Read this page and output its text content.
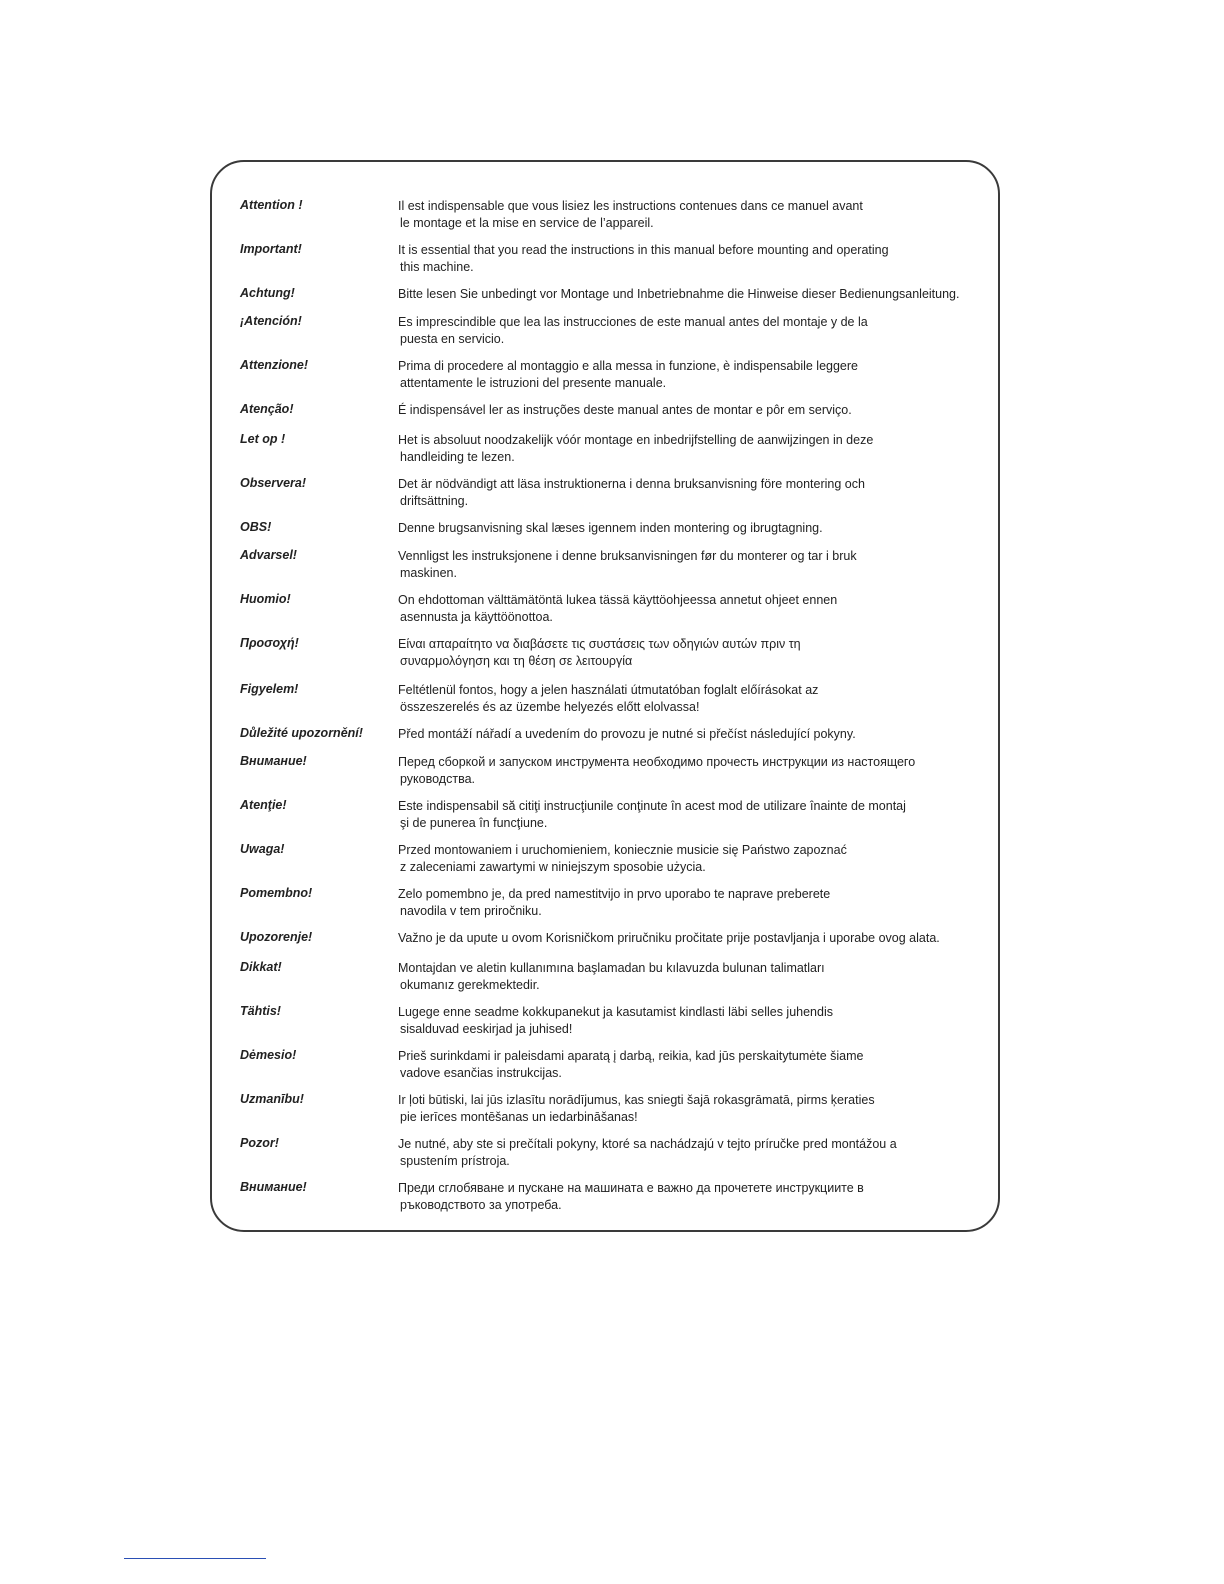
Attention !	Il est indispensable que vous lisiez les instructions contenues dans ce manuel avant
le montage et la mise en service de l’appareil.
Important!	It is essential that you read the instructions in this manual before mounting and operating
this machine.
Achtung!	Bitte lesen Sie unbedingt vor Montage und Inbetriebnahme die Hinweise dieser Bedienungsanleitung.
¡Atención!	Es imprescindible que lea las instrucciones de este manual antes del montaje y de la
puesta en servicio.
Attenzione!	Prima di procedere al montaggio e alla messa in funzione, è indispensabile leggere
attentamente le istruzioni del presente manuale.
Atenção!	É indispensável ler as instruções deste manual antes de montar e pôr em serviço.
Let op !	Het is absoluut noodzakelijk vóór montage en inbedrijfstelling de aanwijzingen in deze
handleiding te lezen.
Observera!	Det är nödvändigt att läsa instruktionerna i denna bruksanvisning före montering och
driftsättning.
OBS!	Denne brugsanvisning skal læses igennem inden montering og ibrugtagning.
Advarsel!	Vennligst les instruksjonene i denne bruksanvisningen før du monterer og tar i bruk
maskinen.
Huomio!	On ehdottoman välttämätöntä lukea tässä käyttöohjeessa annetut ohjeet ennen
asennusta ja käyttöönottoa.
Προσοχή!	Είναι απαραίτητο να διαβάσετε τις συστάσεις των οδηγιών αυτών πριν τη
συναρμολόγηση και τη θέση σε λειτουργία
Figyelem!	Feltétlenül fontos, hogy a jelen használati útmutatóban foglalt előírásokat az
összeszerelés és az üzembe helyezés előtt elolvassa!
Důležité upozornění!	Před montáží nářadí a uvedením do provozu je nutné si přečíst následující pokyny.
Внимание!	Перед сборкой и запуском инструмента необходимо прочесть инструкции из настоящего
руководства.
Atenţie!	Este indispensabil să citiţi instrucţiunile conţinute în acest mod de utilizare înainte de montaj
şi de punerea în funcţiune.
Uwaga!	Przed montowaniem i uruchomieniem, koniecznie musicie się Państwo zapoznać
z zaleceniami zawartymi w niniejszym sposobie użycia.
Pomembno!	Zelo pomembno je, da pred namestitvijo in prvo uporabo te naprave preberete
navodila v tem priročniku.
Upozorenje!	Važno je da upute u ovom Korisničkom priručniku pročitate prije postavljanja i uporabe ovog alata.
Dikkat!	Montajdan ve aletin kullanımına başlamadan bu kılavuzda bulunan talimatları
okumanız gerekmektedir.
Tähtis!	Lugege enne seadme kokkupanekut ja kasutamist kindlasti läbi selles juhendis
sisalduvad eeskirjad ja juhised!
Dėmesio!	Prieš surinkdami ir paleisdami aparatą į darbą, reikia, kad jūs perskaitytumėte šiame
vadove esančias instrukcijas.
Uzmanību!	Ir ļoti būtiski, lai jūs izlasītu norādījumus, kas sniegti šajā rokasgrāmatā, pirms ķeraties
pie ierīces montēšanas un iedarbināšanas!
Pozor!	Je nutné, aby ste si prečítali pokyny, ktoré sa nachádzajú v tejto príručke pred montážou a
spustením prístroja.
Внимание!	Преди сглобяване и пускане на машината е важно да прочетете инструкциите в
ръководството за употреба.
